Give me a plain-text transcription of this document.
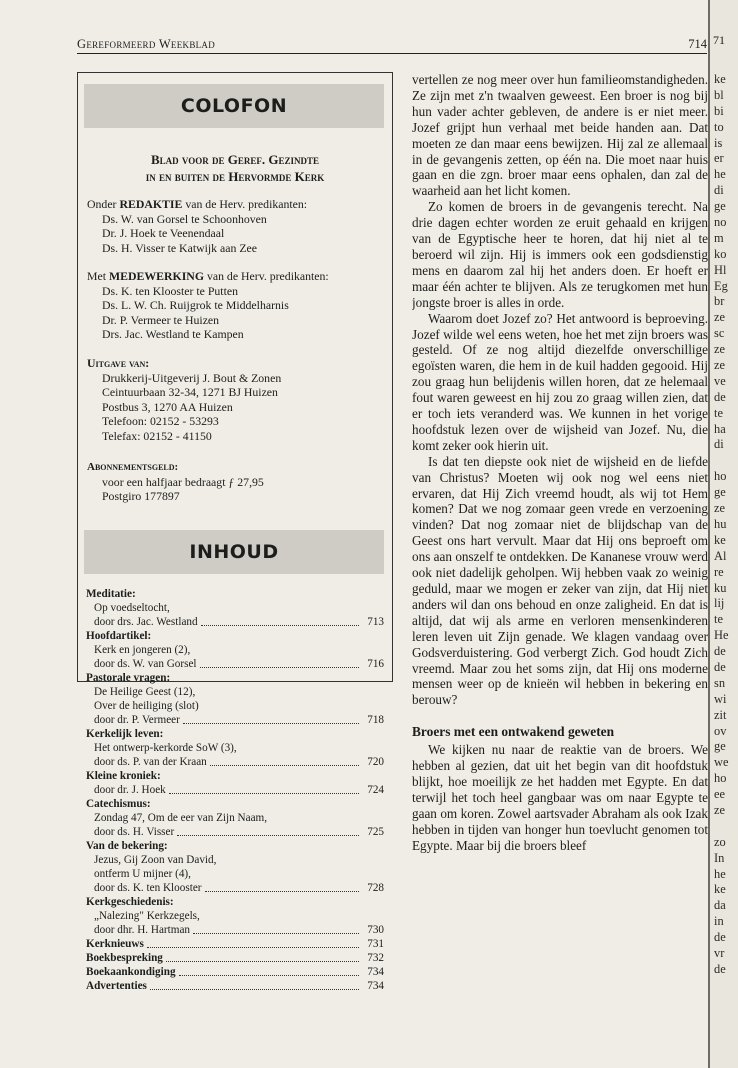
Gereformeerd Weekblad	714
COLOFON
Blad voor de Geref. Gezindte
in en buiten de Hervormde Kerk
Onder REDAKTIE van de Herv. predikanten:
Ds. W. van Gorsel te Schoonhoven
Dr. J. Hoek te Veenendaal
Ds. H. Visser te Katwijk aan Zee
Met MEDEWERKING van de Herv. predikanten:
Ds. K. ten Klooster te Putten
Ds. L. W. Ch. Ruijgrok te Middelharnis
Dr. P. Vermeer te Huizen
Drs. Jac. Westland te Kampen
Uitgave van:
Drukkerij-Uitgeverij J. Bout & Zonen
Ceintuurbaan 32-34, 1271 BJ Huizen
Postbus 3, 1270 AA Huizen
Telefoon: 02152 - 53293
Telefax: 02152 - 41150
Abonnementsgeld:
voor een halfjaar bedraagt ƒ 27,95
Postgiro 177897
INHOUD
Meditatie:
Op voedseltocht,
door drs. Jac. Westland	713
Hoofdartikel:
Kerk en jongeren (2),
door ds. W. van Gorsel	716
Pastorale vragen:
De Heilige Geest (12),
Over de heiliging (slot)
door dr. P. Vermeer	718
Kerkelijk leven:
Het ontwerp-kerkorde SoW (3),
door ds. P. van der Kraan	720
Kleine kroniek:
door dr. J. Hoek	724
Catechismus:
Zondag 47, Om de eer van Zijn Naam,
door ds. H. Visser	725
Van de bekering:
Jezus, Gij Zoon van David,
ontferm U mijner (4),
door ds. K. ten Klooster	728
Kerkgeschiedenis:
„Nalezing" Kerkzegels,
door dhr. H. Hartman	730
Kerknieuws	731
Boekbespreking	732
Boekaankondiging	734
Advertenties	734

vertellen ze nog meer over hun familieomstandigheden. Ze zijn met z'n twaalven geweest. Een broer is nog bij hun vader achter gebleven, de andere is er niet meer. Jozef grijpt hun verhaal met beide handen aan. Dat moeten ze dan maar eens bewijzen. Hij zal ze allemaal in de gevangenis zetten, op één na. Die moet naar huis gaan en die zgn. broer maar eens ophalen, dan zal de waarheid aan het licht komen.

Zo komen de broers in de gevangenis terecht. Na drie dagen echter worden ze eruit gehaald en krijgen van de Egyptische heer te horen, dat hij niet al te beroerd wil zijn. Hij is immers ook een godsdienstig mens en daarom zal hij het anders doen. Er hoeft er maar één achter te blijven. Als ze terugkomen met hun jongste broer is alles in orde.

Waarom doet Jozef zo? Het antwoord is beproeving. Jozef wilde wel eens weten, hoe het met zijn broers was gesteld. Of ze nog altijd diezelfde onverschillige egoïsten waren, die hem in de kuil hadden gegooid. Hij zou graag hun belijdenis willen horen, dat ze helemaal fout waren geweest en hij zou zo graag willen zien, dat er toch iets veranderd was. We kunnen in het vorige hoofdstuk lezen over de wijsheid van Jozef. Nu, die komt zeker ook hierin uit.

Is dat ten diepste ook niet de wijsheid en de liefde van Christus? Moeten wij ook nog wel eens niet ervaren, dat Hij Zich vreemd houdt, als wij tot Hem komen? Dat we nog zomaar geen vrede en verzoening vinden? Dat nog zomaar niet de blijdschap van de Geest ons hart vervult. Maar dat Hij ons beproeft om ons aan onszelf te ontdekken. De Kananese vrouw werd ook niet dadelijk geholpen. Wij hebben vaak zo weinig geduld, maar we mogen er zeker van zijn, dat Hij niet anders wil dan ons behoud en onze zaligheid. En dat is altijd, dat wij als arme en verloren mensenkinderen leren leven uit Zijn genade. We klagen vandaag over Godsverduistering. God verbergt Zich. God houdt Zich vreemd. Maar zou het soms zijn, dat Hij ons moderne mensen weer op de knieën wil hebben in bekering en berouw?

Broers met een ontwakend geweten

We kijken nu naar de reaktie van de broers. We hebben al gezien, dat uit het begin van dit hoofdstuk blijkt, hoe moeilijk ze het hadden met Egypte. En dat terwijl het toch heel gangbaar was om naar Egypte te gaan om koren. Zowel aartsvader Abraham als ook Izak hebben in tijden van honger hun toevlucht genomen tot Egypte. Maar bij die broers bleef

71
ke
bl
bi
to
is
er
he
di
ge
no
m
ko
Hl
Eg
br
ze
sc
ze
ze
ve
de
te
ha
di
ho
ge
ze
hu
ke
Al
re
ku
lij
te
He
de
de
sn
wi
zit
ov
ge
we
ho
ee
ze
zo
In
he
ke
da
in
de
vr
de
